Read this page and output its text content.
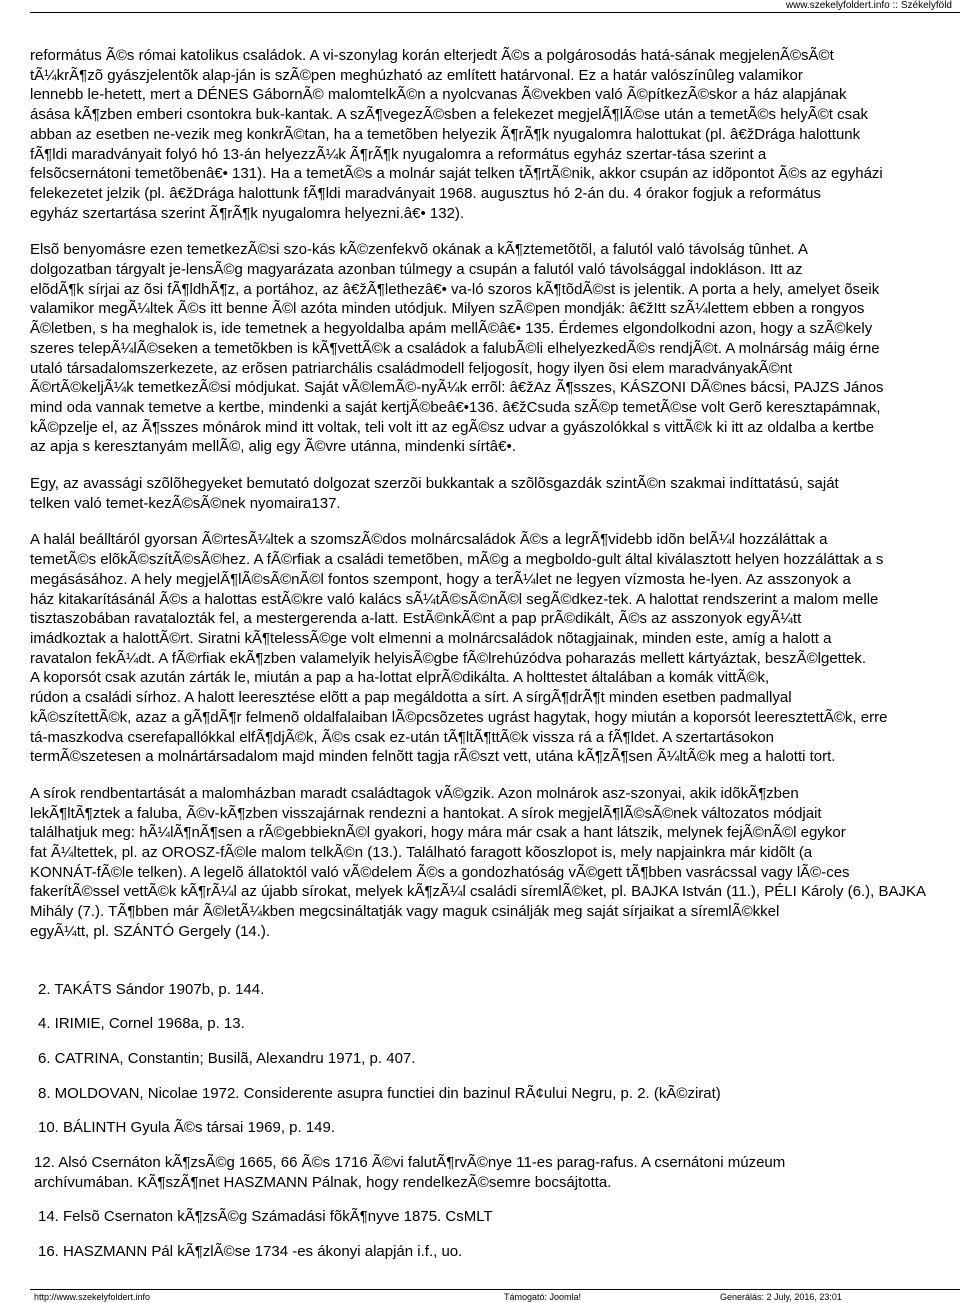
www.szekelyfoldert.info :: Székelyföld
református Ã©s római katolikus családok. A vi-szonylag korán elterjedt Ã©s a polgárosodás hatá-sának megjelenÃ©sÃ©t
tÃ¼krÃ¶zõ gyászjelentõk alap-ján is szÃ©pen meghúzható az említett határvonal. Ez a határ valószínûleg valamikor
lennebb le-hetett, mert a DÉNES GábornÃ© malomtelkÃ©n a nyolcvanas Ã©vekben való Ã©pítkezÃ©skor a ház alapjának
ásása kÃ¶zben emberi csontokra buk-kantak. A szÃ¶vegezÃ©sben a felekezet megjelÃ¶lÃ©se után a temetÃ©s helyÃ©t csak
abban az esetben ne-vezik meg konkrÃ©tan, ha a temetõben helyezik Ã¶rÃ¶k nyugalomra halottukat (pl. â€žDrága halottunk
fÃ¶ldi maradványait folyó hó 13-án helyezzÃ¼k Ã¶rÃ¶k nyugalomra a református egyház szertar-tása szerint a
felsõcsernátoni temetõbenâ€• 131). Ha a temetÃ©s a molnár saját telken tÃ¶rtÃ©nik, akkor csupán az idõpontot Ã©s az egyházi
felekezetet jelzik (pl. â€žDrága halottunk fÃ¶ldi maradványait 1968. augusztus hó 2-án du. 4 órakor fogjuk a református
egyház szertartása szerint Ã¶rÃ¶k nyugalomra helyezni.â€• 132).
Elsõ benyomásre ezen temetkezÃ©si szo-kás kÃ©zenfekvõ okának a kÃ¶ztemetõtõl, a falutól való távolság tûnhet. A
dolgozatban tárgyalt je-lensÃ©g magyarázata azonban túlmegy a csupán a falutól való távolsággal indokláson. Itt az
elõdÃ¶k sírjai az õsi fÃ¶ldhÃ¶z, a portához, az â€žÃ¶lethezâ€• va-ló szoros kÃ¶tõdÃ©st is jelentik. A porta a hely, amelyet õseik
valamikor megÃ¼ltek Ã©s itt benne Ã©l azóta minden utódjuk. Milyen szÃ©pen mondják: â€žItt szÃ¼lettem ebben a rongyos
Ã©letben, s ha meghalok is, ide temetnek a hegyoldalba apám mellÃ©â€• 135. Érdemes elgondolkodni azon, hogy a szÃ©kely
szeres telepÃ¼lÃ©seken a temetõkben is kÃ¶vettÃ©k a családok a falubÃ©li elhelyezkedÃ©s rendjÃ©t. A molnárság máig érne
utaló társadalomszerkezete, az erõsen patriarchális családmodell feljogosít, hogy ilyen õsi elem maradványakÃ©nt
Ã©rtÃ©keljÃ¼k temetkezÃ©si módjukat. Saját vÃ©lemÃ©-nyÃ¼k errõl: â€žAz Ã¶sszes, KÁSZONI DÃ©nes bácsi, PAJZS János
mind oda vannak temetve a kertbe, mindenki a saját kertjÃ©beâ€•136. â€žCsuda szÃ©p temetÃ©se volt Gerõ keresztapámnak,
kÃ©pzelje el, az Ã¶sszes mónárok mind itt voltak, teli volt itt az egÃ©sz udvar a gyászolókkal s vittÃ©k ki itt az oldalba a kertbe
az apja s keresztanyám mellÃ©, alig egy Ã©vre utánna, mindenki sírtâ€•.
Egy, az avassági szõlõhegyeket bemutató dolgozat szerzõi bukkantak a szõlõsgazdák szintÃ©n szakmai indíttatású, saját
telken való temet-kezÃ©sÃ©nek nyomaira137.
A halál beálltáról gyorsan Ã©rtesÃ¼ltek a szomszÃ©dos molnárcsaládok Ã©s a legrÃ¶videbb idõn belÃ¼l hozzáláttak a
temetÃ©s elõkÃ©szítÃ©sÃ©hez. A fÃ©rfiak a családi temetõben, mÃ©g a megboldo-gult által kiválasztott helyen hozzáláttak a s
megásásához. A hely megjelÃ¶lÃ©sÃ©nÃ©l fontos szempont, hogy a terÃ¼let ne legyen vízmosta he-lyen. Az asszonyok a
ház kitakarításánál Ã©s a halottas estÃ©kre való kalács sÃ¼tÃ©sÃ©nÃ©l segÃ©dkez-tek. A halottat rendszerint a malom melle
tisztaszobában ravatalozták fel, a mestergerenda a-latt. EstÃ©nkÃ©nt a pap prÃ©dikált, Ã©s az asszonyok egyÃ¼tt
imádkoztak a halottÃ©rt. Siratni kÃ¶telessÃ©ge volt elmenni a molnárcsaládok nõtagjainak, minden este, amíg a halott a
ravatalon fekÃ¼dt. A fÃ©rfiak ekÃ¶zben valamelyik helyisÃ©gbe fÃ©lrehúzódva poharazás mellett kártyáztak, beszÃ©lgettek.
A koporsót csak azután zárták le, miután a pap a ha-lottat elprÃ©dikálta. A holttestet általában a komák vittÃ©k,
rúdon a családi sírhoz. A halott leeresztése elõtt a pap megáldotta a sírt. A sírgÃ¶drÃ¶t minden esetben padmallyal
kÃ©szítettÃ©k, azaz a gÃ¶dÃ¶r felmenõ oldalfalaiban lÃ©pcsõzetes ugrást hagytak, hogy miután a koporsót leeresztettÃ©k, erre
tá-maszkodva cserefapallókkal elfÃ¶djÃ©k, Ã©s csak ez-után tÃ¶ltÃ¶ttÃ©k vissza rá a fÃ¶ldet. A szertartásokon
termÃ©szetesen a molnártársadalom majd minden felnõtt tagja rÃ©szt vett, utána kÃ¶zÃ¶sen Ã¼ltÃ©k meg a halotti tort.
A sírok rendbentartását a malomházban maradt családtagok vÃ©gzik. Azon molnárok asz-szonyai, akik idõkÃ¶zben
lekÃ¶ltÃ¶ztek a faluba, Ã©v-kÃ¶zben visszajárnak rendezni a hantokat. A sírok megjelÃ¶lÃ©sÃ©nek változatos módjait
találhatjuk meg: hÃ¼lÃ¶nÃ¶sen a rÃ©gebbieknÃ©l gyakori, hogy mára már csak a hant látszik, melynek fejÃ©nÃ©l egykor
fat Ã¼ltettek, pl. az OROSZ-fÃ©le malom telkÃ©n (13.). Található faragott kõoszlopot is, mely napjainkra már kidõlt (a
KONNÁT-fÃ©le telken). A legelõ állatoktól való vÃ©delem Ã©s a gondozhatóság vÃ©gett tÃ¶bben vasrácssal vagy lÃ©-ces
fakerítÃ©ssel vettÃ©k kÃ¶rÃ¼l az újabb sírokat, melyek kÃ¶zÃ¼l családi síremlÃ©ket, pl. BAJKA István (11.), PÉLI Károly (6.), BAJKA
Mihály (7.). TÃ¶bben már Ã©letÃ¼kben megcsináltatják vagy maguk csinálják meg saját sírjaikat a síremlÃ©kkel
egyÃ¼tt, pl. SZÁNTÓ Gergely (14.).
2. TAKÁTS Sándor 1907b, p. 144.
4. IRIMIE, Cornel 1968a, p. 13.
6. CATRINA, Constantin; Busilã, Alexandru 1971, p. 407.
8. MOLDOVAN, Nicolae 1972. Considerente asupra functiei din bazinul RÃ¢ului Negru, p. 2. (kÃ©zirat)
10. BÁLINTH Gyula Ã©s társai 1969, p. 149.
12. Alsó Csernáton kÃ¶zsÃ©g 1665, 66 Ã©s 1716 Ã©vi falutÃ¶rvÃ©nye 11-es parag-rafus. A csernátoni múzeum
archívumában. KÃ¶szÃ¶net HASZMANN Pálnak, hogy rendelkezÃ©semre bocsájtotta.
14. Felsõ Csernaton kÃ¶zsÃ©g Számadási fõkÃ¶nyve 1875. CsMLT
16. HASZMANN Pál kÃ¶zlÃ©se 1734 -es ákonyi alapján i.f., uo.
http://www.szekelyfoldert.info	Támogató: Joomla!	Generálás: 2 July, 2016, 23:01
